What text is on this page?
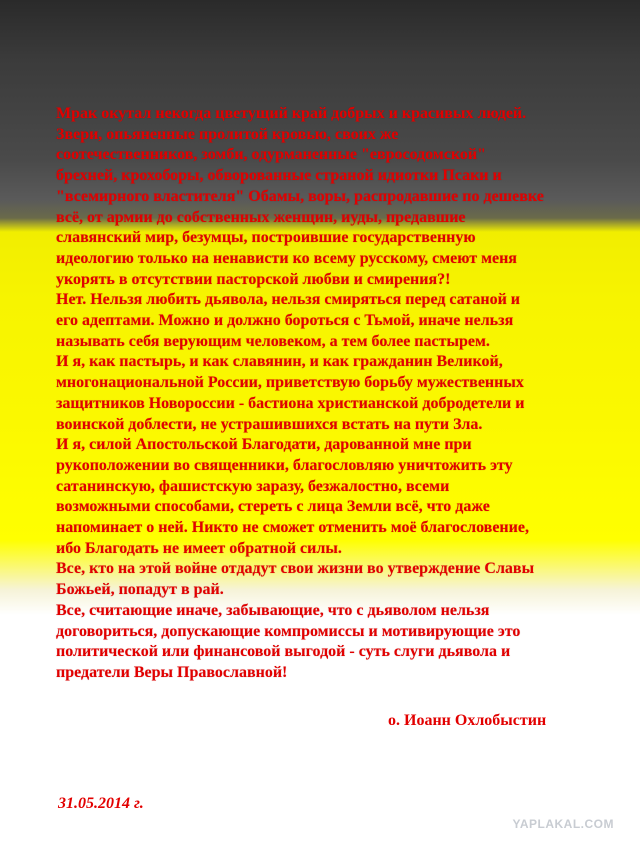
Мрак окутал некогда цветущий край добрых и красивых людей.
Звери, опьяненные пролитой кровью, своих же
соотечественников, зомби, одурманенные "евросодомской"
брехней, крохоборы, обворованные страной идиотки Псаки и
"всемирного властителя" Обамы, воры, распродавшие по дешевке
всё, от армии до собственных женщин, иуды, предавшие
славянский мир, безумцы, построившие государственную
идеологию только на ненависти ко всему русскому, смеют меня
укорять в отсутствии пасторской любви и смирения?!
Нет. Нельзя любить дьявола, нельзя смиряться перед сатаной и
его адептами. Можно и должно бороться с Тьмой, иначе нельзя
называть себя верующим человеком, а тем более пастырем.
И я, как пастырь, и как славянин, и как гражданин Великой,
многонациональной России, приветствую борьбу мужественных
защитников Новороссии - бастиона христианской добродетели и
воинской доблести, не устрашившихся встать на пути Зла.
И я, силой Апостольской Благодати, дарованной мне при
рукоположении во священники, благословляю уничтожить эту
сатанинскую, фашистскую заразу, безжалостно, всеми
возможными способами, стереть с лица Земли всё, что даже
напоминает о ней. Никто не сможет отменить моё благословение,
ибо Благодать не имеет обратной силы.
Все, кто на этой войне отдадут свои жизни во утверждение Славы
Божьей, попадут в рай.
Все, считающие иначе, забывающие, что с дьяволом нельзя
договориться, допускающие компромиссы и мотивирующие это
политической или финансовой выгодой - суть слуги дьявола и
предатели Веры Православной!
о. Иоанн Охлобыстин
31.05.2014 г.
YAPLAKAL.COM
